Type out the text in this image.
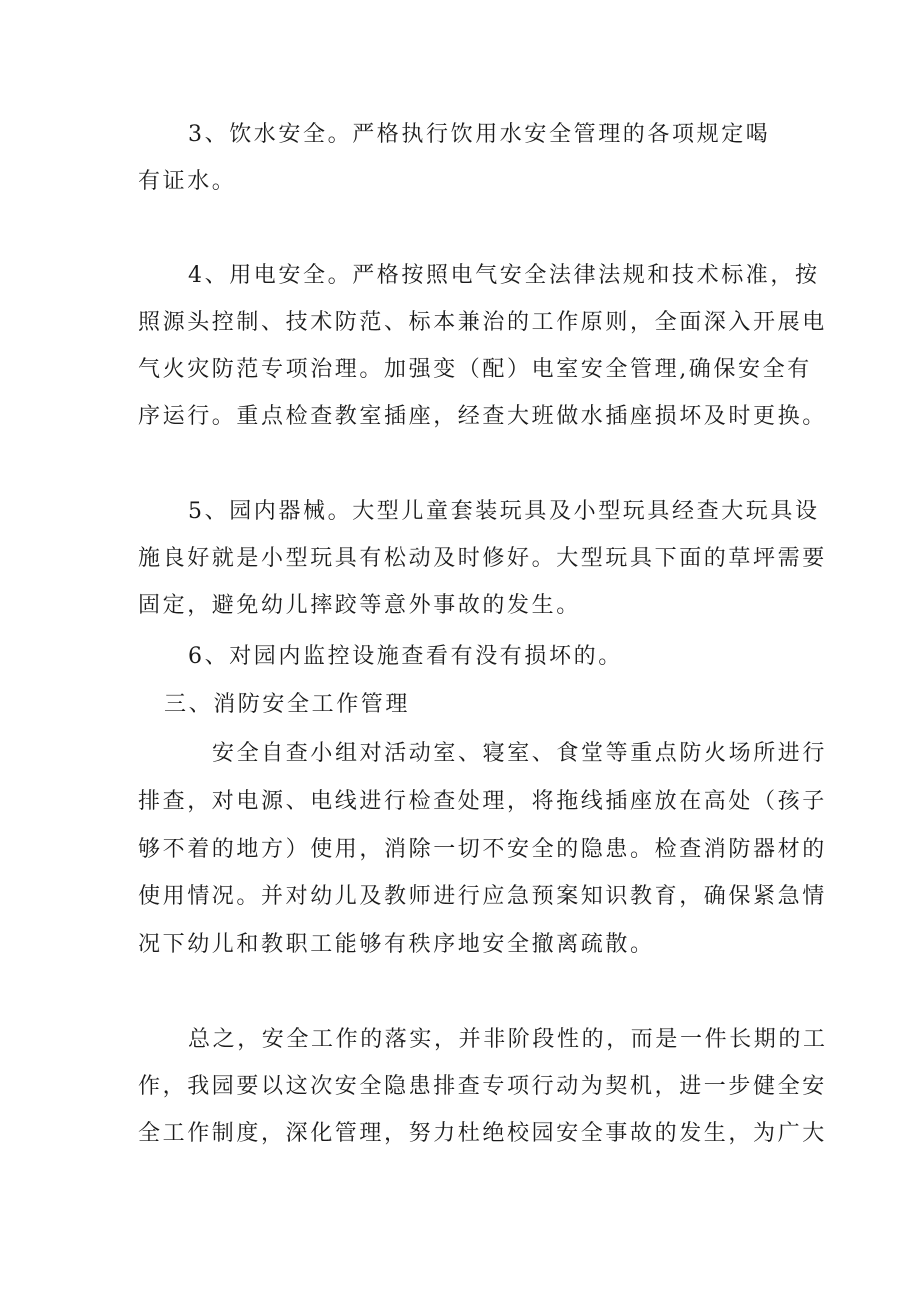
3、饮水安全。严格执行饮用水安全管理的各项规定喝
有证水。
4、用电安全。严格按照电气安全法律法规和技术标准，按
照源头控制、技术防范、标本兼治的工作原则，全面深入开展电
气火灾防范专项治理。加强变（配）电室安全管理,确保安全有
序运行。重点检查教室插座，经查大班做水插座损坏及时更换。
5、园内器械。大型儿童套装玩具及小型玩具经查大玩具设
施良好就是小型玩具有松动及时修好。大型玩具下面的草坪需要
固定，避免幼儿摔跤等意外事故的发生。
6、对园内监控设施查看有没有损坏的。
三、消防安全工作管理
安全自查小组对活动室、寝室、食堂等重点防火场所进行
排查，对电源、电线进行检查处理，将拖线插座放在高处（孩子
够不着的地方）使用，消除一切不安全的隐患。检查消防器材的
使用情况。并对幼儿及教师进行应急预案知识教育，确保紧急情
况下幼儿和教职工能够有秩序地安全撤离疏散。
总之，安全工作的落实，并非阶段性的，而是一件长期的工
作，我园要以这次安全隐患排查专项行动为契机，进一步健全安
全工作制度，深化管理，努力杜绝校园安全事故的发生，为广大
